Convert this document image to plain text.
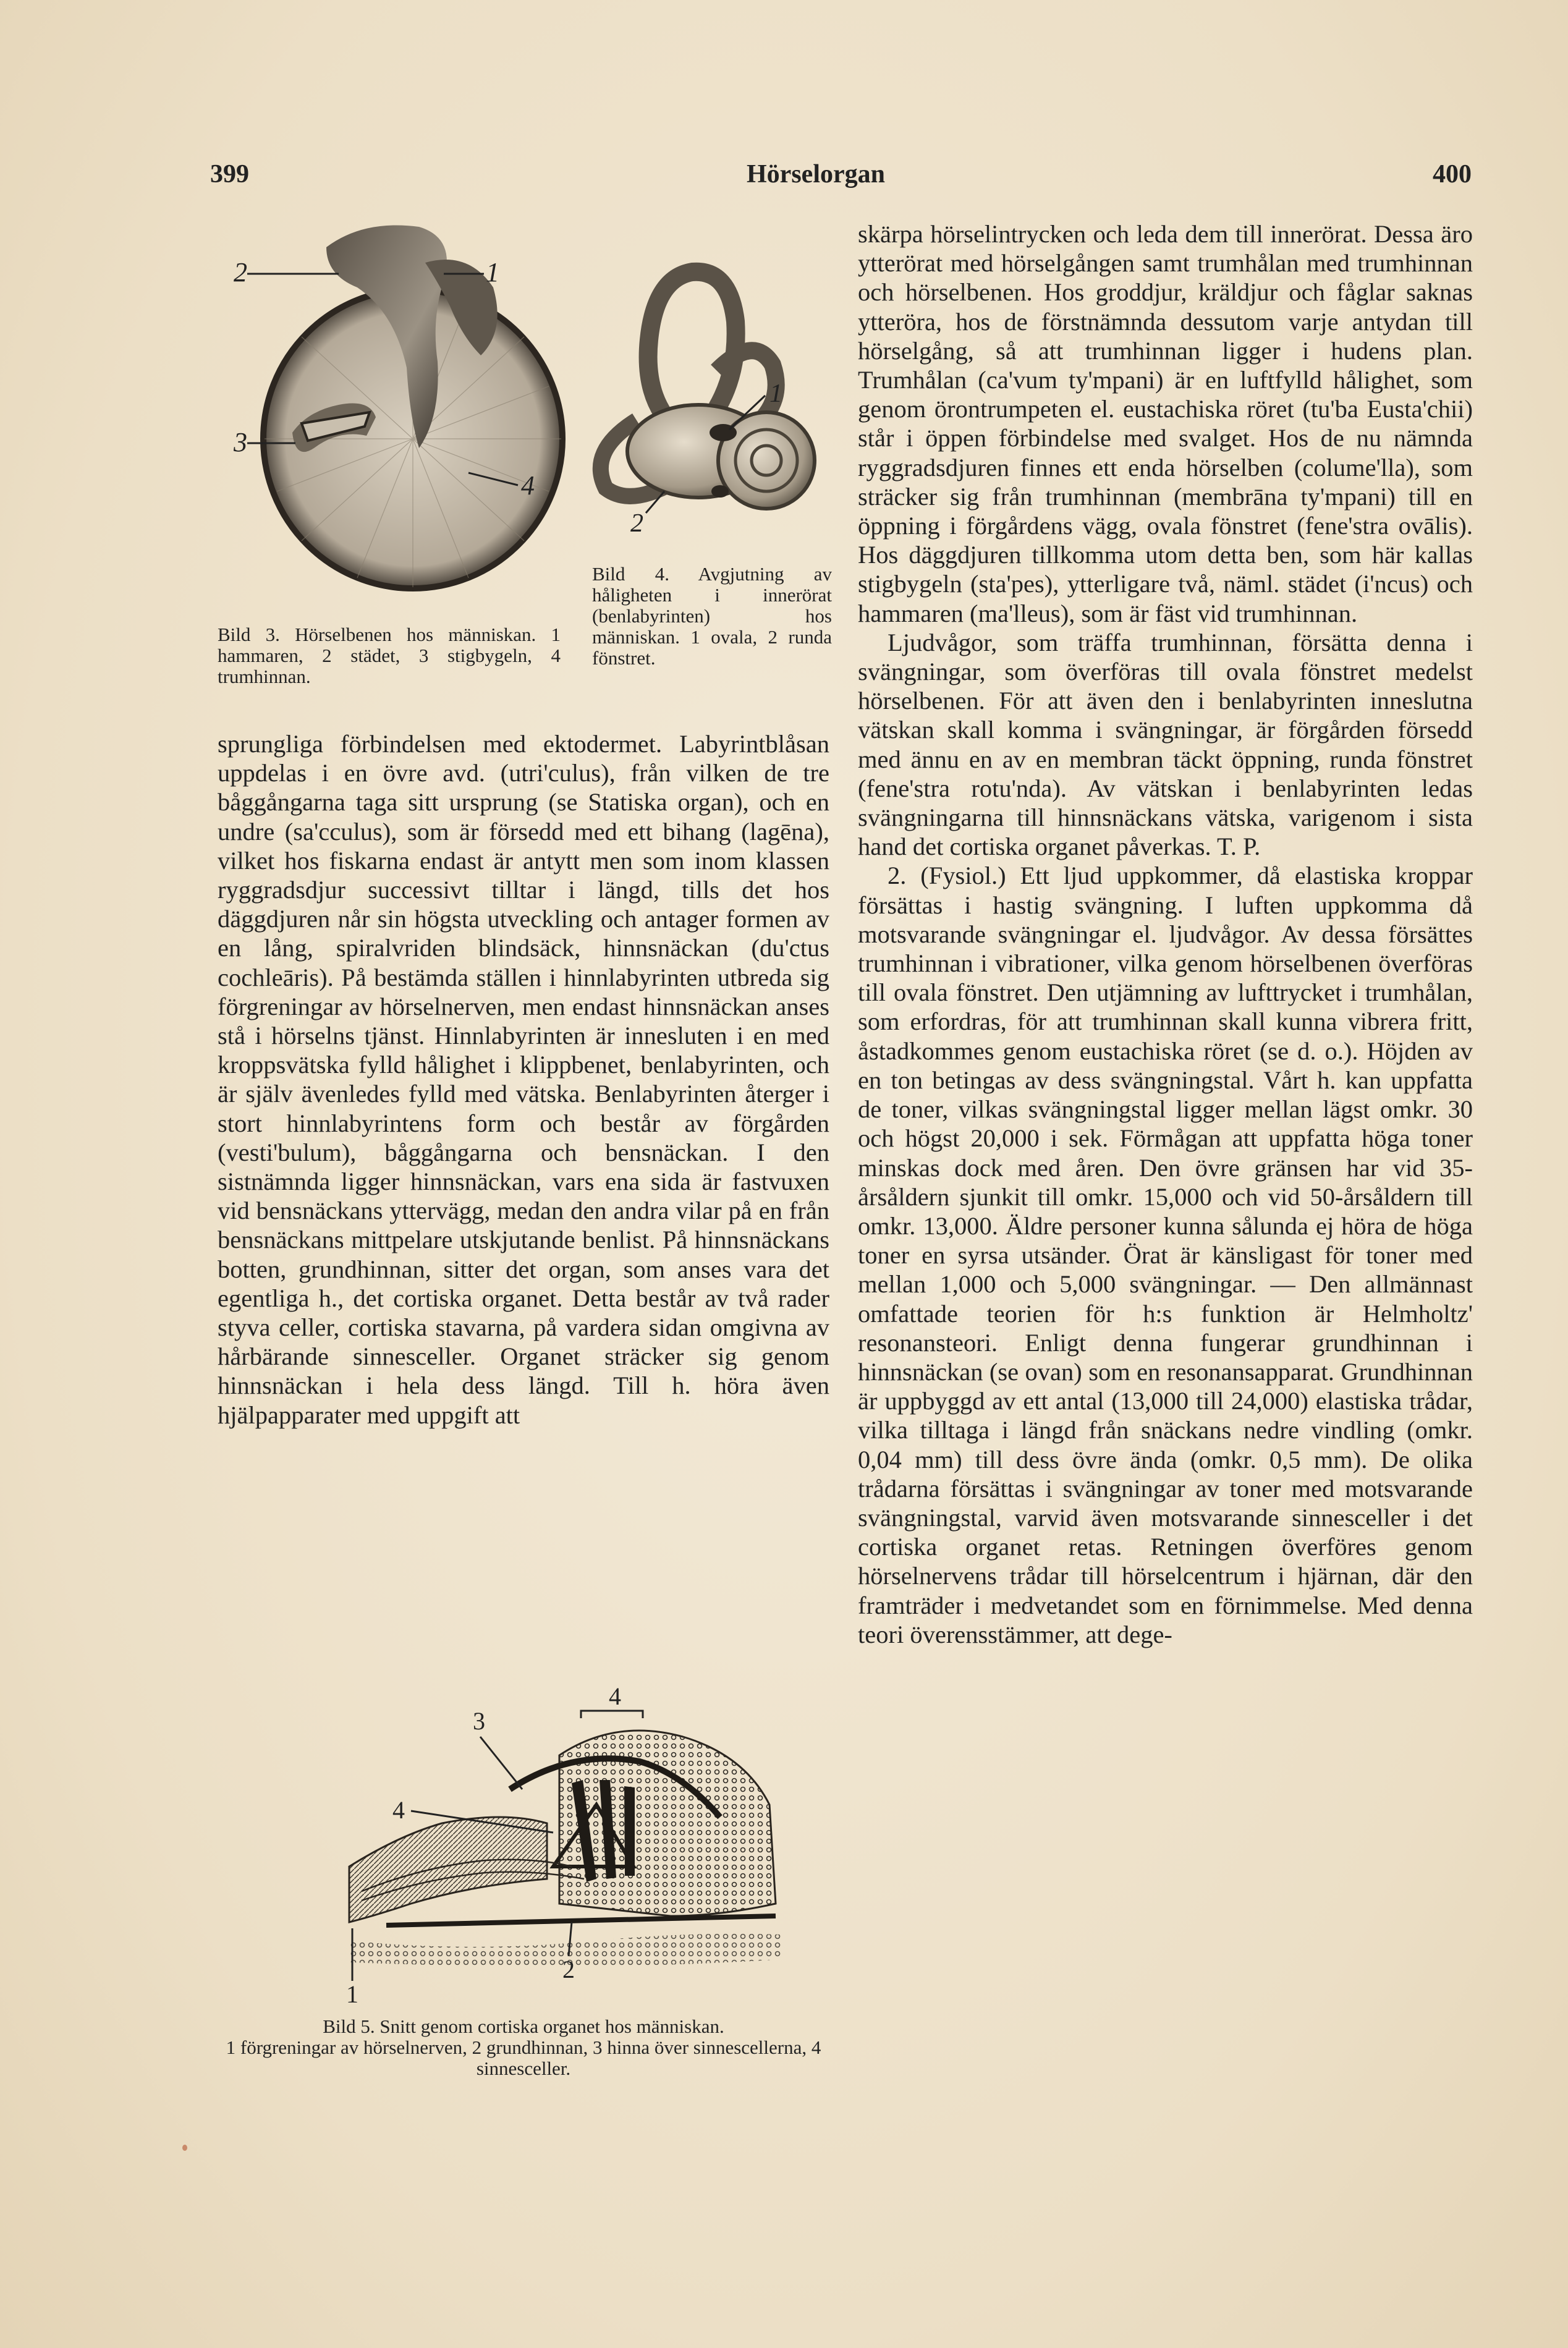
399	Hörselorgan	400
2	1
3
4
1
2
Bild 3. Hörselbenen hos människan. 1 hammaren, 2 städet, 3 stigbygeln, 4 trumhinnan.
Bild 4. Avgjutning av håligheten i innerörat (benlabyrinten) hos människan. 1 ovala, 2 runda fönstret.

sprungliga förbindelsen med ektodermet. Labyrintblåsan uppdelas i en övre avd. (utri'culus), från vilken de tre båggångarna taga sitt ursprung (se Statiska organ), och en undre (sa'cculus), som är försedd med ett bihang (lagēna), vilket hos fiskarna endast är antytt men som inom klassen ryggradsdjur successivt tilltar i längd, tills det hos däggdjuren når sin högsta utveckling och antager formen av en lång, spiralvriden blindsäck, hinnsnäckan (du'ctus cochleāris). På bestämda ställen i hinnlabyrinten utbreda sig förgreningar av hörselnerven, men endast hinnsnäckan anses stå i hörselns tjänst. Hinnlabyrinten är innesluten i en med kroppsvätska fylld hålighet i klippbenet, benlabyrinten, och är själv ävenledes fylld med vätska. Benlabyrinten återger i stort hinnlabyrintens form och består av förgården (vesti'bulum), båggångarna och bensnäckan. I den sistnämnda ligger hinnsnäckan, vars ena sida är fastvuxen vid bensnäckans yttervägg, medan den andra vilar på en från bensnäckans mittpelare utskjutande benlist. På hinnsnäckans botten, grundhinnan, sitter det organ, som anses vara det egentliga h., det cortiska organet. Detta består av två rader styva celler, cortiska stavarna, på vardera sidan omgivna av hårbärande sinnesceller. Organet sträcker sig genom hinnsnäckan i hela dess längd. Till h. höra även hjälpapparater med uppgift att

4
3
4
1
2
Bild 5. Snitt genom cortiska organet hos människan.
1 förgreningar av hörselnerven, 2 grundhinnan, 3 hinna över sinnescellerna, 4 sinnesceller.

skärpa hörselintrycken och leda dem till innerörat. Dessa äro ytterörat med hörselgången samt trumhålan med trumhinnan och hörselbenen. Hos groddjur, kräldjur och fåglar saknas ytteröra, hos de förstnämnda dessutom varje antydan till hörselgång, så att trumhinnan ligger i hudens plan. Trumhålan (ca'vum ty'mpani) är en luftfylld hålighet, som genom örontrumpeten el. eustachiska röret (tu'ba Eusta'chii) står i öppen förbindelse med svalget. Hos de nu nämnda ryggradsdjuren finnes ett enda hörselben (colume'lla), som sträcker sig från trumhinnan (membrāna ty'mpani) till en öppning i förgårdens vägg, ovala fönstret (fene'stra ovālis). Hos däggdjuren tillkomma utom detta ben, som här kallas stigbygeln (sta'pes), ytterligare två, näml. städet (i'ncus) och hammaren (ma'lleus), som är fäst vid trumhinnan.

Ljudvågor, som träffa trumhinnan, försätta denna i svängningar, som överföras till ovala fönstret medelst hörselbenen. För att även den i benlabyrinten inneslutna vätskan skall komma i svängningar, är förgården försedd med ännu en av en membran täckt öppning, runda fönstret (fene'stra rotu'nda). Av vätskan i benlabyrinten ledas svängningarna till hinnsnäckans vätska, varigenom i sista hand det cortiska organet påverkas. T. P.

2. (Fysiol.) Ett ljud uppkommer, då elastiska kroppar försättas i hastig svängning. I luften uppkomma då motsvarande svängningar el. ljudvågor. Av dessa försättes trumhinnan i vibrationer, vilka genom hörselbenen överföras till ovala fönstret. Den utjämning av lufttrycket i trumhålan, som erfordras, för att trumhinnan skall kunna vibrera fritt, åstadkommes genom eustachiska röret (se d. o.). Höjden av en ton betingas av dess svängningstal. Vårt h. kan uppfatta de toner, vilkas svängningstal ligger mellan lägst omkr. 30 och högst 20,000 i sek. Förmågan att uppfatta höga toner minskas dock med åren. Den övre gränsen har vid 35-årsåldern sjunkit till omkr. 15,000 och vid 50-årsåldern till omkr. 13,000. Äldre personer kunna sålunda ej höra de höga toner en syrsa utsänder. Örat är känsligast för toner med mellan 1,000 och 5,000 svängningar. — Den allmännast omfattade teorien för h:s funktion är Helmholtz' resonansteori. Enligt denna fungerar grundhinnan i hinnsnäckan (se ovan) som en resonansapparat. Grundhinnan är uppbyggd av ett antal (13,000 till 24,000) elastiska trådar, vilka tilltaga i längd från snäckans nedre vindling (omkr. 0,04 mm) till dess övre ända (omkr. 0,5 mm). De olika trådarna försättas i svängningar av toner med motsvarande svängningstal, varvid även motsvarande sinnesceller i det cortiska organet retas. Retningen överföres genom hörselnervens trådar till hörselcentrum i hjärnan, där den framträder i medvetandet som en förnimmelse. Med denna teori överensstämmer, att dege-
